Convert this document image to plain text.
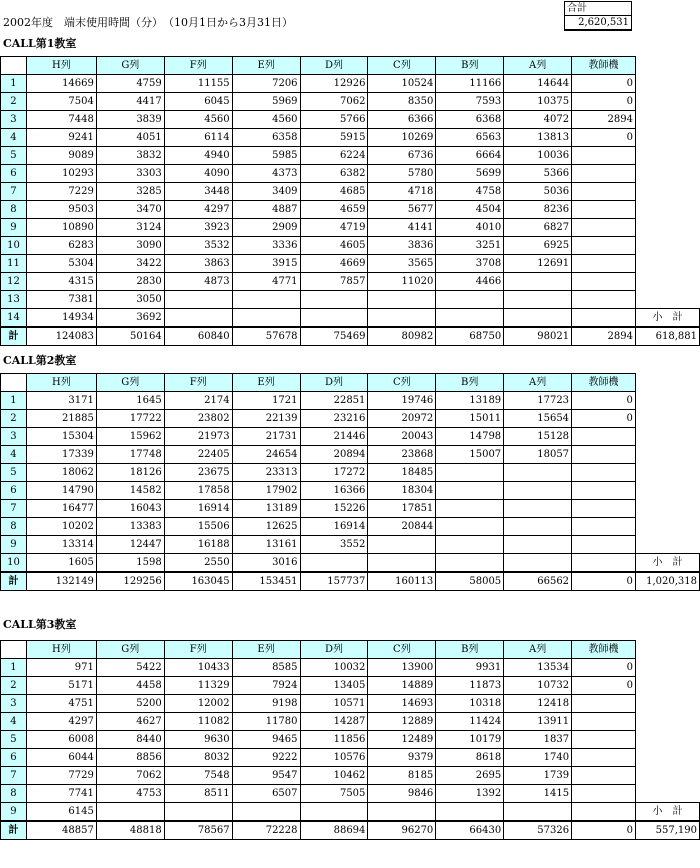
2002年度　端末使用時間（分）　（10月1日から3月31日）
合計
2,620,531
CALL第1教室
	H列	G列	F列	E列	D列	C列	B列	A列	教師機	
1	14669	4759	11155	7206	12926	10524	11166	14644	0	
2	7504	4417	6045	5969	7062	8350	7593	10375	0	
3	7448	3839	4560	4560	5766	6366	6368	4072	2894	
4	9241	4051	6114	6358	5915	10269	6563	13813	0	
5	9089	3832	4940	5985	6224	6736	6664	10036		
6	10293	3303	4090	4373	6382	5780	5699	5366		
7	7229	3285	3448	3409	4685	4718	4758	5036		
8	9503	3470	4297	4887	4659	5677	4504	8236		
9	10890	3124	3923	2909	4719	4141	4010	6827		
10	6283	3090	3532	3336	4605	3836	3251	6925		
11	5304	3422	3863	3915	4669	3565	3708	12691		
12	4315	2830	4873	4771	7857	11020	4466			
13	7381	3050								
14	14934	3692								小　計
計	124083	50164	60840	57678	75469	80982	68750	98021	2894	618,881
CALL第2教室
	H列	G列	F列	E列	D列	C列	B列	A列	教師機	
1	3171	1645	2174	1721	22851	19746	13189	17723	0	
2	21885	17722	23802	22139	23216	20972	15011	15654	0	
3	15304	15962	21973	21731	21446	20043	14798	15128		
4	17339	17748	22405	24654	20894	23868	15007	18057		
5	18062	18126	23675	23313	17272	18485				
6	14790	14582	17858	17902	16366	18304				
7	16477	16043	16914	13189	15226	17851				
8	10202	13383	15506	12625	16914	20844				
9	13314	12447	16188	13161	3552					
10	1605	1598	2550	3016						小　計
計	132149	129256	163045	153451	157737	160113	58005	66562	0	1,020,318
CALL第3教室
	H列	G列	F列	E列	D列	C列	B列	A列	教師機	
1	971	5422	10433	8585	10032	13900	9931	13534	0	
2	5171	4458	11329	7924	13405	14889	11873	10732	0	
3	4751	5200	12002	9198	10571	14693	10318	12418		
4	4297	4627	11082	11780	14287	12889	11424	13911		
5	6008	8440	9630	9465	11856	12489	10179	1837		
6	6044	8856	8032	9222	10576	9379	8618	1740		
7	7729	7062	7548	9547	10462	8185	2695	1739		
8	7741	4753	8511	6507	7505	9846	1392	1415		
9	6145									小　計
計	48857	48818	78567	72228	88694	96270	66430	57326	0	557,190
